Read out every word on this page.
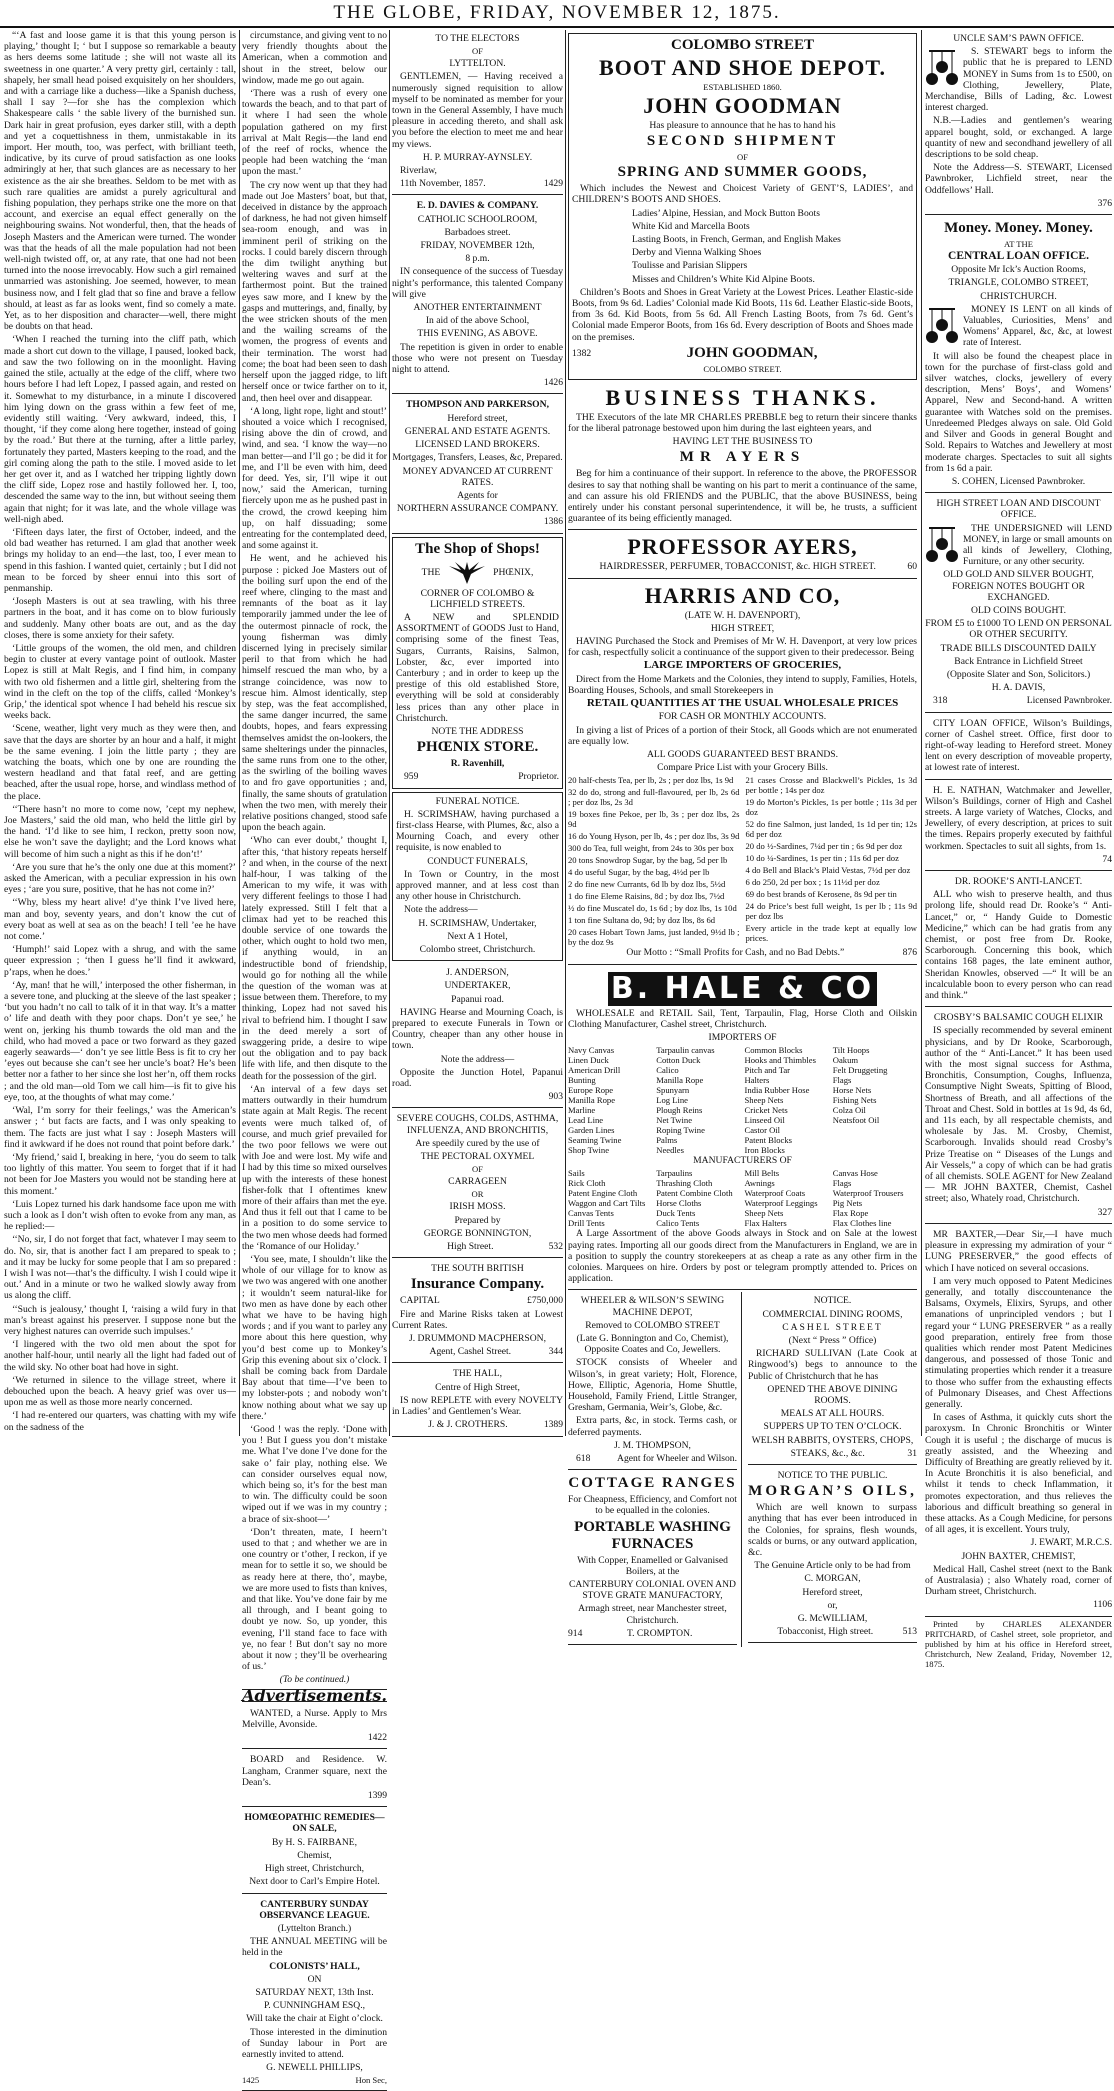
THE GLOBE, FRIDAY, NOVEMBER 12, 1875.

“‘A fast and loose game it is that this young person is playing,’ thought I; ‘ but I suppose so remarkable a beauty as hers deems some latitude ; she will not waste all its sweetness in one quarter.’ A very pretty girl, certainly : tall, shapely, her small head poised exquisitely on her shoulders, and with a carriage like a duchess—like a Spanish duchess, shall I say ?—for she has the complexion which Shakespeare calls ‘ the sable livery of the burnished sun. Dark hair in great profusion, eyes darker still, with a depth and yet a coquettishness in them, unmistakable in its import. Her mouth, too, was perfect, with brilliant teeth, indicative, by its curve of proud satisfaction as one looks admiringly at her, that such glances are as necessary to her existence as the air she breathes. Seldom to be met with as such rare qualities are amidst a purely agricultural and fishing population, they perhaps strike one the more on that account, and exercise an equal effect generally on the neighbouring swains. Not wonderful, then, that the heads of Joseph Masters and the American were turned. The wonder was that the heads of all the male population had not been well-nigh twisted off, or, at any rate, that one had not been turned into the noose irrevocably. How such a girl remained unmarried was astonishing. Joe seemed, however, to mean business now, and I felt glad that so fine and brave a fellow should, at least as far as looks went, find so comely a mate. Yet, as to her disposition and character—well, there might be doubts on that head.

‘When I reached the turning into the cliff path, which made a short cut down to the village, I paused, looked back, and saw the two following on in the moonlight. Having gained the stile, actually at the edge of the cliff, where two hours before I had left Lopez, I passed again, and rested on it. Somewhat to my disturbance, in a minute I discovered him lying down on the grass within a few feet of me, evidently still waiting. ‘Very awkward, indeed, this, I thought, ‘if they come along here together, instead of going by the road.’ But there at the turning, after a little parley, fortunately they parted, Masters keeping to the road, and the girl coming along the path to the stile. I moved aside to let her get over it, and as I watched her tripping lightly down the cliff side, Lopez rose and hastily followed her. I, too, descended the same way to the inn, but without seeing them again that night; for it was late, and the whole village was well-nigh abed.

‘Fifteen days later, the first of October, indeed, and the old bad weather has returned. I am glad that another week brings my holiday to an end—the last, too, I ever mean to spend in this fashion. I wanted quiet, certainly ; but I did not mean to be forced by sheer ennui into this sort of penmanship.

‘Joseph Masters is out at sea trawling, with his three partners in the boat, and it has come on to blow furiously and suddenly. Many other boats are out, and as the day closes, there is some anxiety for their safety.

‘Little groups of the women, the old men, and children begin to cluster at every vantage point of outlook. Master Lopez is still at Malt Regis, and I find him, in company with two old fishermen and a little girl, sheltering from the wind in the cleft on the top of the cliffs, called ‘Monkey’s Grip,’ the identical spot whence I had beheld his rescue six weeks back.

‘Scene, weather, light very much as they were then, and save that the days are shorter by an hour and a half, it might be the same evening. I join the little party ; they are watching the boats, which one by one are rounding the western headland and that fatal reef, and are getting beached, after the usual rope, horse, and windlass method of the place.

‘‘There hasn’t no more to come now, ’cept my nephew, Joe Masters,’ said the old man, who held the little girl by the hand. ‘I’d like to see him, I reckon, pretty soon now, else he won’t save the daylight; and the Lord knows what will become of him such a night as this if he don’t!’

‘Are you sure that he’s the only one due at this moment?’ asked the American, with a peculiar expression in his own eyes ; ‘are you sure, positive, that he has not come in?’

‘‘Why, bless my heart alive! d’ye think I’ve lived here, man and boy, seventy years, and don’t know the cut of every boat as well at sea as on the beach! I tell ’ee he have not come.’

‘Humph!’ said Lopez with a shrug, and with the same queer expression ; ‘then I guess he’ll find it awkward, p’raps, when he does.’

‘Ay, man! that he will,’ interposed the other fisherman, in a severe tone, and plucking at the sleeve of the last speaker ; ‘but you hadn’t no call to talk of it in that way. It’s a matter o’ life and death with they poor chaps. Don’t ye see,’ he went on, jerking his thumb towards the old man and the child, who had moved a pace or two forward as they gazed eagerly seawards—‘ don’t ye see little Bess is fit to cry her ’eyes out because she can’t see her uncle’s boat? He’s been better nor a father to her since she lost her’n, off them rocks ; and the old man—old Tom we call him—is fit to give his eye, too, at the thoughts of what may come.’

‘Wal, I’m sorry for their feelings,’ was the American’s answer ; ‘ but facts are facts, and I was only speaking to them. The facts are just what I say : Joseph Masters will find it awkward if he does not round that point before dark.’

‘My friend,’ said I, breaking in here, ‘you do seem to talk too lightly of this matter. You seem to forget that if it had not been for Joe Masters you would not be standing here at this moment.’

‘Luis Lopez turned his dark handsome face upon me with such a look as I don’t wish often to evoke from any man, as he replied:—

‘‘No, sir, I do not forget that fact, whatever I may seem to do. No, sir, that is another fact I am prepared to speak to ; and it may be lucky for some people that I am so prepared : I wish I was not—that’s the difficulty. I wish I could wipe it out.’ And in a minute or two he walked slowly away from us along the cliff.

‘‘Such is jealousy,’ thought I, ‘raising a wild fury in that man’s breast against his preserver. I suppose none but the very highest natures can override such impulses.’

‘I lingered with the two old men about the spot for another half-hour, until nearly all the light had faded out of the wild sky. No other boat had hove in sight.

‘We returned in silence to the village street, where it debouched upon the beach. A heavy grief was over us—upon me as well as those more nearly concerned.

‘I had re-entered our quarters, was chatting with my wife on the sadness of the

circumstance, and giving vent to no very friendly thoughts about the American, when a commotion and shout in the street, below our window, made me go out again.

‘There was a rush of every one towards the beach, and to that part of it where I had seen the whole population gathered on my first arrival at Malt Regis—the land end of the reef of rocks, whence the people had been watching the ‘man upon the mast.’

The cry now went up that they had made out Joe Masters’ boat, but that, deceived in distance by the approach of darkness, he had not given himself sea-room enough, and was in imminent peril of striking on the rocks. I could barely discern through the dim twilight anything but weltering waves and surf at the farthermost point. But the trained eyes saw more, and I knew by the gasps and mutterings, and, finally, by the wee stricken shouts of the men and the wailing screams of the women, the progress of events and their termination. The worst had come; the boat had been seen to dash herself upon the jagged ridge, to lift herself once or twice farther on to it, and, then heel over and disappear.

‘A long, light rope, light and stout!’ shouted a voice which I recognised, rising above the din of crowd, and wind, and sea. ‘I know the way—no man better—and I’ll go ; be did it for me, and I’ll be even with him, deed for deed. Yes, sir, I’ll wipe it out now,’ said the American, turning fiercely upon me as he pushed past in the crowd, the crowd keeping him up, on half dissuading; some entreating for the contemplated deed, and some against it.

He went, and he achieved his purpose : picked Joe Masters out of the boiling surf upon the end of the reef where, clinging to the mast and remnants of the boat as it lay temporarily jammed under the lee of the outermost pinnacle of rock, the young fisherman was dimly discerned lying in precisely similar peril to that from which he had himself rescued the man who, by a strange coincidence, was now to rescue him. Almost identically, step by step, was the feat accomplished, the same danger incurred, the same doubts, hopes, and fears expressing themselves amidst the on-lookers, the same shelterings under the pinnacles, the same runs from one to the other, as the swirling of the boiling waves to and fro gave opportunities ; and, finally, the same shouts of gratulation when the two men, with merely their relative positions changed, stood safe upon the beach again.

‘Who can ever doubt,’ thought I, after this, ‘that history repeats herself ? and when, in the course of the next half-hour, I was talking of the American to my wife, it was with very different feelings to those I had lately expressed. Still I felt that a climax had yet to be reached this double service of one towards the other, which ought to hold two men, if anything would, in an indestructible bond of friendship, would go for nothing all the while the question of the woman was at issue between them. Therefore, to my thinking, Lopez had not saved his rival to befriend him. I thought I saw in the deed merely a sort of swaggering pride, a desire to wipe out the obligation and to pay back life with life, and then disqute to the death for the possession of the girl.

‘An interval of a few days set matters outwardly in their humdrum state again at Malt Regis. The recent events were much talked of, of course, and much grief prevailed for the two poor fellows we were out with Joe and were lost. My wife and I had by this time so mixed ourselves up with the interests of these honest fisher-folk that I oftentimes knew more of their affairs than met the eye. And thus it fell out that I came to be in a position to do some service to the two men whose deeds had formed the ‘Romance of our Holiday.’

‘You see, mate, I shouldn’t like the whole of our village for to know as we two was angered with one another ; it wouldn’t seem natural-like for two men as have done by each other what we have to be having high words ; and if you want to parley any more about this here question, why you’d best come up to Monkey’s Grip this evening about six o’clock. I shall be coming back from Dardale Bay about that time—I’ve been to my lobster-pots ; and nobody won’t know nothing about what we say up there.’

‘Good ! was the reply. ‘Done with you ! But I guess you don’t mistake me. What I’ve done I’ve done for the sake o’ fair play, nothing else. We can consider ourselves equal now, which being so, it’s for the best man to win. The difficulty could be soon wiped out if we was in my country ; a brace of six-shoot—’

‘Don’t threaten, mate, I heern’t used to that ; and whether we are in one country or t’other, I reckon, if ye mean for to settle it so, we should be as ready here at there, tho’, maybe, we are more used to fists than knives, and that like. You’ve done fair by me all through, and I beant going to doubt ye now. So, up yonder, this evening, I’ll stand face to face with ye, no fear ! But don’t say no more about it now ; they’ll be overhearing of us.’

(To be continued.)

Advertisements.

WANTED, a Nurse. Apply to Mrs Melville, Avonside.

1422

BOARD and Residence. W. Langham, Cranmer square, next the Dean’s.

1399

HOMŒOPATHIC REMEDIES—ON SALE,

By H. S. FAIRBANE,

Chemist,

High street, Christchurch,

Next door to Carl’s Empire Hotel.

CANTERBURY SUNDAY OBSERVANCE LEAGUE.

(Lyttelton Branch.)

THE ANNUAL MEETING will be held in the

COLONISTS’ HALL,

ON

SATURDAY NEXT, 13th Inst.

P. CUNNINGHAM ESQ.,

Will take the chair at Eight o’clock.

Those interested in the diminution of Sunday labour in Port are earnestly invited to attend.

G. NEWELL PHILLIPS,

1425	Hon Sec,

TO THE ELECTORS

OF

LYTTELTON.

GENTLEMEN, — Having received a numerously signed requisition to allow myself to be nominated as member for your town in the General Assembly, I have much pleasure in acceding thereto, and shall ask you before the election to meet me and hear my views.

H. P. MURRAY-AYNSLEY.

Riverlaw,

11th November, 1857.	1429

E. D. DAVIES & COMPANY.

CATHOLIC SCHOOLROOM,

Barbadoes street.

FRIDAY, NOVEMBER 12th,

8 p.m.

IN consequence of the success of Tuesday night’s performance, this talented Company will give

ANOTHER ENTERTAINMENT

In aid of the above School,

THIS EVENING, AS ABOVE.

The repetition is given in order to enable those who were not present on Tuesday night to attend.

1426

THOMPSON AND PARKERSON,

Hereford street,

GENERAL AND ESTATE AGENTS.

LICENSED LAND BROKERS.

Mortgages, Transfers, Leases, &c, Prepared.

MONEY ADVANCED AT CURRENT RATES.

Agents for

NORTHERN ASSURANCE COMPANY.

1386

The Shop of Shops!

THE	PHŒNIX,

CORNER OF COLOMBO & LICHFIELD STREETS.

A NEW and SPLENDID ASSORTMENT of GOODS Just to Hand, comprising some of the finest Teas, Sugars, Currants, Raisins, Salmon, Lobster, &c, ever imported into Canterbury ; and in order to keep up the prestige of this old established Store, everything will be sold at considerably less prices than any other place in Christchurch.

NOTE THE ADDRESS

PHŒNIX STORE.

R. Ravenhill,

959	Proprietor.

FUNERAL NOTICE.

H. SCRIMSHAW, having purchased a first-class Hearse, with Plumes, &c, also a Mourning Coach, and every other requisite, is now enabled to

CONDUCT FUNERALS,

In Town or Country, in the most approved manner, and at less cost than any other house in Christchurch.

Note the address—

H. SCRIMSHAW, Undertaker,

Next A 1 Hotel,

Colombo street, Christchurch.

J. ANDERSON,

UNDERTAKER,

Papanui road.

HAVING Hearse and Mourning Coach, is prepared to execute Funerals in Town or Country, cheaper than any other house in town.

Note the address—

Opposite the Junction Hotel, Papanui road.

903

SEVERE COUGHS, COLDS, ASTHMA, INFLUENZA, AND BRONCHITIS,

Are speedily cured by the use of

THE PECTORAL OXYMEL

OF

CARRAGEEN

OR

IRISH MOSS.

Prepared by

GEORGE BONNINGTON,

High Street.	532

THE SOUTH BRITISH

Insurance Company.

CAPITAL	£750,000

Fire and Marine Risks taken at Lowest Current Rates.

J. DRUMMOND MACPHERSON,

Agent, Cashel Street.	344

THE HALL,

Centre of High Street,

IS now REPLETE with every NOVELTY in Ladies’ and Gentlemen’s Wear.

J. & J. CROTHERS.	1389

COLOMBO STREET

BOOT AND SHOE DEPOT.

ESTABLISHED 1860.

JOHN GOODMAN

Has pleasure to announce that he has to hand his

SECOND SHIPMENT

OF

SPRING AND SUMMER GOODS,

Which includes the Newest and Choicest Variety of GENT’S, LADIES’, and CHILDREN’S BOOTS AND SHOES.

Ladies’ Alpine, Hessian, and Mock Button Boots

White Kid and Marcella Boots

Lasting Boots, in French, German, and English Makes

Derby and Vienna Walking Shoes

Toulisse and Parisian Slippers

Misses and Children’s White Kid Alpine Boots.

Children’s Boots and Shoes in Great Variety at the Lowest Prices. Leather Elastic-side Boots, from 9s 6d. Ladies’ Colonial made Kid Boots, 11s 6d. Leather Elastic-side Boots, from 3s 6d. Kid Boots, from 5s 6d. All French Lasting Boots, from 7s 6d. Gent’s Colonial made Emperor Boots, from 16s 6d. Every description of Boots and Shoes made on the premises.

1382	JOHN GOODMAN,

COLOMBO STREET.

BUSINESS THANKS.

THE Executors of the late MR CHARLES PREBBLE beg to return their sincere thanks for the liberal patronage bestowed upon him during the last eighteen years, and

HAVING LET THE BUSINESS TO

MR AYERS

Beg for him a continuance of their support. In reference to the above, the PROFESSOR desires to say that nothing shall be wanting on his part to merit a continuance of the same, and can assure his old FRIENDS and the PUBLIC, that the above BUSINESS, being entirely under his constant personal superintendence, it will be, he trusts, a sufficient guarantee of its being efficiently managed.

PROFESSOR AYERS,

HAIRDRESSER, PERFUMER, TOBACCONIST, &c. HIGH STREET.	60

HARRIS AND CO,

(LATE W. H. DAVENPORT),

HIGH STREET,

HAVING Purchased the Stock and Premises of Mr W. H. Davenport, at very low prices for cash, respectfully solicit a continuance of the support given to their predecessor. Being

LARGE IMPORTERS OF GROCERIES,

Direct from the Home Markets and the Colonies, they intend to supply, Families, Hotels, Boarding Houses, Schools, and small Storekeepers in

RETAIL QUANTITIES AT THE USUAL WHOLESALE PRICES

FOR CASH OR MONTHLY ACCOUNTS.

In giving a list of Prices of a portion of their Stock, all Goods which are not enumerated are equally low.

ALL GOODS GUARANTEED BEST BRANDS.

Compare Price List with your Grocery Bills.

20 half-chests Tea, per lb, 2s ; per doz lbs, 1s 9d

32 do do, strong and full-flavoured, per lb, 2s 6d ; per doz lbs, 2s 3d

19 boxes fine Pekoe, per lb, 3s ; per doz lbs, 2s 9d

16 do Young Hyson, per lb, 4s ; per doz lbs, 3s 9d

300 do Tea, full weight, from 24s to 30s per box

20 tons Snowdrop Sugar, by the bag, 5d per lb

4 do useful Sugar, by the bag, 4½d per lb

2 do fine new Currants, 6d lb by doz lbs, 5½d

1 do fine Eleme Raisins, 8d ; by doz lbs, 7½d

½ do fine Muscatel do, 1s 6d ; by doz lbs, 1s 10d

1 ton fine Sultana do, 9d; by doz lbs, 8s 6d

20 cases Hobart Town Jams, just landed, 9½d lb ; by the doz 9s

21 cases Crosse and Blackwell’s Pickles, 1s 3d per bottle ; 14s per doz

19 do Morton’s Pickles, 1s per bottle ; 11s 3d per doz

52 do fine Salmon, just landed, 1s 1d per tin; 12s 6d per doz

20 do ½-Sardines, 7¼d per tin ; 6s 9d per doz

10 do ¼-Sardines, 1s per tin ; 11s 6d per doz

4 do Bell and Black’s Plaid Vestas, 7½d per doz

6 do 250, 2d per box ; 1s 11½d per doz

69 do best brands of Kerosene, 8s 9d per tin

24 do Price’s best full weight, 1s per lb ; 11s 9d per doz lbs

Every article in the trade kept at equally low prices.

Our Motto : “Small Profits for Cash, and no Bad Debts.”	876

B. HALE & CO

WHOLESALE and RETAIL Sail, Tent, Tarpaulin, Flag, Horse Cloth and Oilskin Clothing Manufacturer, Cashel street, Christchurch.

IMPORTERS OF

Navy Canvas
Linen Duck
American Drill
Bunting
Europe Rope
Manilla Rope
Marline
Lead Line
Garden Lines
Seaming Twine
Shop Twine
Tarpaulin canvas
Cotton Duck
Calico
Manilla Rope
Spunyarn
Log Line
Plough Reins
Net Twine
Roping Twine
Palms
Needles
Common Blocks
Hooks and Thimbles
Pitch and Tar
Halters
India Rubber Hose
Sheep Nets
Cricket Nets
Linseed Oil
Castor Oil
Patent Blocks
Iron Blocks
Tilt Hoops
Oakum
Felt Druggeting
Flags
Horse Nets
Fishing Nets
Colza Oil
Neatsfoot Oil

MANUFACTURERS OF

Sails
Rick Cloth
Patent Engine Cloth
Waggon and Cart Tilts
Canvas Tents
Drill Tents
Tarpaulins
Thrashing Cloth
Patent Combine Cloth
Horse Cloths
Duck Tents
Calico Tents
Mill Belts
Awnings
Waterproof Coats
Waterproof Leggings
Sheep Nets
Flax Halters
Canvas Hose
Flags
Waterproof Trousers
Pig Nets
Flax Rope
Flax Clothes line

A Large Assortment of the above Goods always in Stock and on Sale at the lowest paying rates. Importing all our goods direct from the Manufacturers in England, we are in a position to supply the country storekeepers at as cheap a rate as any other firm in the colonies. Marquees on hire. Orders by post or telegram promptly attended to. Prices on application.

WHEELER & WILSON’S SEWING MACHINE DEPOT,

Removed to COLOMBO STREET

(Late G. Bonnington and Co, Chemist), Opposite Coates and Co, Jewellers.

STOCK consists of Wheeler and Wilson’s, in great variety; Holt, Florence, Howe, Elliptic, Agenoria, Home Shuttle, Household, Family Friend, Little Stranger, Gresham, Germania, Weir’s, Globe, &c.

Extra parts, &c, in stock. Terms cash, or deferred payments.

J. M. THOMPSON,

618	Agent for Wheeler and Wilson.

COTTAGE RANGES

For Cheapness, Efficiency, and Comfort not to be equalled in the colonies.

PORTABLE WASHING FURNACES

With Copper, Enamelled or Galvanised Boilers, at the

CANTERBURY COLONIAL OVEN AND STOVE GRATE MANUFACTORY,

Armagh street, near Manchester street, Christchurch.

914	T. CROMPTON.

NOTICE.

COMMERCIAL DINING ROOMS,

CASHEL STREET

(Next “ Press ” Office)

RICHARD SULLIVAN (Late Cook at Ringwood’s) begs to announce to the Public of Christchurch that he has

OPENED THE ABOVE DINING ROOMS.

MEALS AT ALL HOURS.

SUPPERS UP TO TEN O’CLOCK.

WELSH RABBITS, OYSTERS, CHOPS,

STEAKS, &c., &c.	31

NOTICE TO THE PUBLIC.

MORGAN’S OILS,

Which are well known to surpass anything that has ever been introduced in the Colonies, for sprains, flesh wounds, scalds or burns, or any outward application, &c.

The Genuine Article only to be had from

C. MORGAN,

Hereford street,

or,

G. McWILLIAM,

Tobacconist, High street.	513

UNCLE SAM’S PAWN OFFICE.

S. STEWART begs to inform the public that he is prepared to LEND MONEY in Sums from 1s to £500, on Clothing, Jewellery, Plate, Merchandise, Bills of Lading, &c. Lowest interest charged.

N.B.—Ladies and gentlemen’s wearing apparel bought, sold, or exchanged. A large quantity of new and secondhand jewellery of all descriptions to be sold cheap.

Note the Address—S. STEWART, Licensed Pawnbroker, Lichfield street, near the Oddfellows’ Hall.

376

Money. Money. Money.

AT THE

CENTRAL LOAN OFFICE.

Opposite Mr Ick’s Auction Rooms,

TRIANGLE, COLOMBO STREET,

CHRISTCHURCH.

MONEY IS LENT on all kinds of Valuables, Curiosities, Mens’ and Womens’ Apparel, &c, &c, at lowest rate of Interest.

It will also be found the cheapest place in town for the purchase of first-class gold and silver watches, clocks, jewellery of every description, Mens’ Boys’, and Womens’ Apparel, New and Second-hand. A written guarantee with Watches sold on the premises. Unredeemed Pledges always on sale. Old Gold and Silver and Goods in general Bought and Sold. Repairs to Watches and Jewellery at most moderate charges. Spectacles to suit all sights from 1s 6d a pair.

S. COHEN, Licensed Pawnbroker.

HIGH STREET LOAN AND DISCOUNT OFFICE.

THE UNDERSIGNED will LEND MONEY, in large or small amounts on all kinds of Jewellery, Clothing, Furniture, or any other security.

OLD GOLD AND SILVER BOUGHT, FOREIGN NOTES BOUGHT OR EXCHANGED.

OLD COINS BOUGHT.

FROM £5 to £1000 TO LEND ON PERSONAL OR OTHER SECURITY.

TRADE BILLS DISCOUNTED DAILY

Back Entrance in Lichfield Street

(Opposite Slater and Son, Solicitors.)

H. A. DAVIS,

318	Licensed Pawnbroker.

CITY LOAN OFFICE, Wilson’s Buildings, corner of Cashel street. Office, first door to right-of-way leading to Hereford street. Money lent on every description of moveable property, at lowest rate of interest.

H. E. NATHAN, Watchmaker and Jeweller, Wilson’s Buildings, corner of High and Cashel streets. A large variety of Watches, Clocks, and Jewellery, of every description, at prices to suit the times. Repairs properly executed by faithful workmen. Spectacles to suit all sights, from 1s.

74

DR. ROOKE’S ANTI-LANCET.

ALL who wish to preserve health, and thus prolong life, should read Dr. Rooke’s “ Anti-Lancet,” or, “ Handy Guide to Domestic Medicine,” which can be had gratis from any chemist, or post free from Dr. Rooke, Scarborough. Concerning this book, which contains 168 pages, the late eminent author, Sheridan Knowles, observed —“ It will be an incalculable boon to every person who can read and think.”

CROSBY’S BALSAMIC COUGH ELIXIR

IS specially recommended by several eminent physicians, and by Dr Rooke, Scarborough, author of the “ Anti-Lancet.” It has been used with the most signal success for Asthma, Bronchitis, Consumption, Coughs, Influenza, Consumptive Night Sweats, Spitting of Blood, Shortness of Breath, and all affections of the Throat and Chest. Sold in bottles at 1s 9d, 4s 6d, and 11s each, by all respectable chemists, and wholesale by Jas. M. Crosby, Chemist, Scarborough. Invalids should read Crosby’s Prize Treatise on “ Diseases of the Lungs and Air Vessels,” a copy of which can be had gratis of all chemists. SOLE AGENT for New Zealand — MR JOHN BAXTER, Chemist, Cashel street; also, Whately road, Christchurch.

327

MR BAXTER,—Dear Sir,—I have much pleasure in expressing my admiration of your “ LUNG PRESERVER,” the good effects of which I have noticed on several occasions.

I am very much opposed to Patent Medicines generally, and totally disccountenance the Balsams, Oxymels, Elixirs, Syrups, and other emanations of unprincipled vendors ; but I regard your “ LUNG PRESERVER ” as a really good preparation, entirely free from those qualities which render most Patent Medicines dangerous, and possessed of those Tonic and stimulating properties which render it a treasure to those who suffer from the exhausting effects of Pulmonary Diseases, and Chest Affections generally.

In cases of Asthma, it quickly cuts short the paroxysm. In Chronic Bronchitis or Winter Cough it is useful ; the discharge of mucus is greatly assisted, and the Wheezing and Difficulty of Breathing are greatly relieved by it. In Acute Bronchitis it is also beneficial, and whilst it tends to check Inflammation, it promotes expectoration, and thus relieves the laborious and difficult breathing so general in these attacks. As a Cough Medicine, for persons of all ages, it is excellent. Yours truly,

J. EWART, M.R.C.S.

JOHN BAXTER, CHEMIST,

Medical Hall, Cashel street (next to the Bank of Australasia) ; also Whately road, corner of Durham street, Christchurch.

1106

Printed by CHARLES ALEXANDER PRITCHARD, of Cashel street, sole proprietor, and published by him at his office in Hereford street, Christchurch, New Zealand, Friday, November 12, 1875.
